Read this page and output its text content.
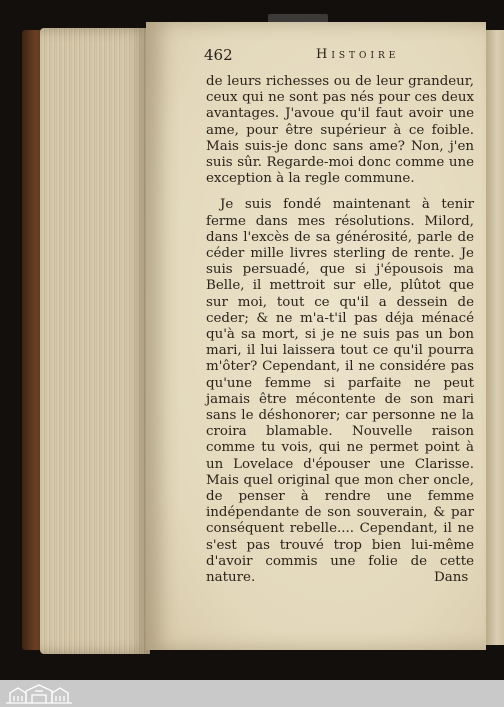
462	Histoire

de leurs richesses ou de leur grandeur, ceux qui ne sont pas nés pour ces deux avantages. J'avoue qu'il faut avoir une ame, pour être supérieur à ce foible. Mais suis-je donc sans ame? Non, j'en suis sûr. Regarde-moi donc comme une exception à la regle commune.

Je suis fondé maintenant à tenir ferme dans mes résolutions. Milord, dans l'excès de sa générosité, parle de céder mille livres sterling de rente. Je suis persuadé, que si j'épousois ma Belle, il mettroit sur elle, plûtot que sur moi, tout ce qu'il a dessein de ceder; & ne m'a-t'il pas déja ménacé qu'à sa mort, si je ne suis pas un bon mari, il lui laissera tout ce qu'il pourra m'ôter? Cependant, il ne considére pas qu'une femme si parfaite ne peut jamais être mécontente de son mari sans le déshonorer; car personne ne la croira blamable. Nouvelle raison comme tu vois, qui ne permet point à un Lovelace d'épouser une Clarisse. Mais quel original que mon cher oncle, de penser à rendre une femme indépendante de son souverain, & par conséquent rebelle.... Cependant, il ne s'est pas trouvé trop bien lui-même d'avoir commis une folie de cette nature.	Dans
